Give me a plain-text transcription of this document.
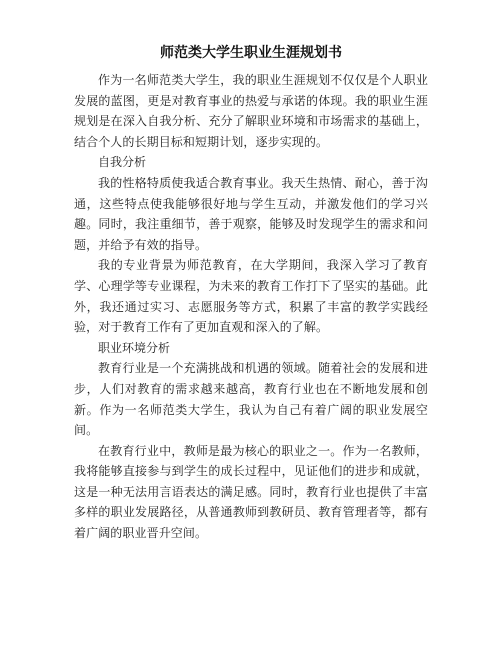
师范类大学生职业生涯规划书

作为一名师范类大学生，我的职业生涯规划不仅仅是个人职业发展的蓝图，更是对教育事业的热爱与承诺的体现。我的职业生涯规划是在深入自我分析、充分了解职业环境和市场需求的基础上，结合个人的长期目标和短期计划，逐步实现的。

自我分析

我的性格特质使我适合教育事业。我天生热情、耐心，善于沟通，这些特点使我能够很好地与学生互动，并激发他们的学习兴趣。同时，我注重细节，善于观察，能够及时发现学生的需求和问题，并给予有效的指导。

我的专业背景为师范教育，在大学期间，我深入学习了教育学、心理学等专业课程，为未来的教育工作打下了坚实的基础。此外，我还通过实习、志愿服务等方式，积累了丰富的教学实践经验，对于教育工作有了更加直观和深入的了解。

职业环境分析

教育行业是一个充满挑战和机遇的领域。随着社会的发展和进步，人们对教育的需求越来越高，教育行业也在不断地发展和创新。作为一名师范类大学生，我认为自己有着广阔的职业发展空间。

在教育行业中，教师是最为核心的职业之一。作为一名教师，我将能够直接参与到学生的成长过程中，见证他们的进步和成就，这是一种无法用言语表达的满足感。同时，教育行业也提供了丰富多样的职业发展路径，从普通教师到教研员、教育管理者等，都有着广阔的职业晋升空间。
